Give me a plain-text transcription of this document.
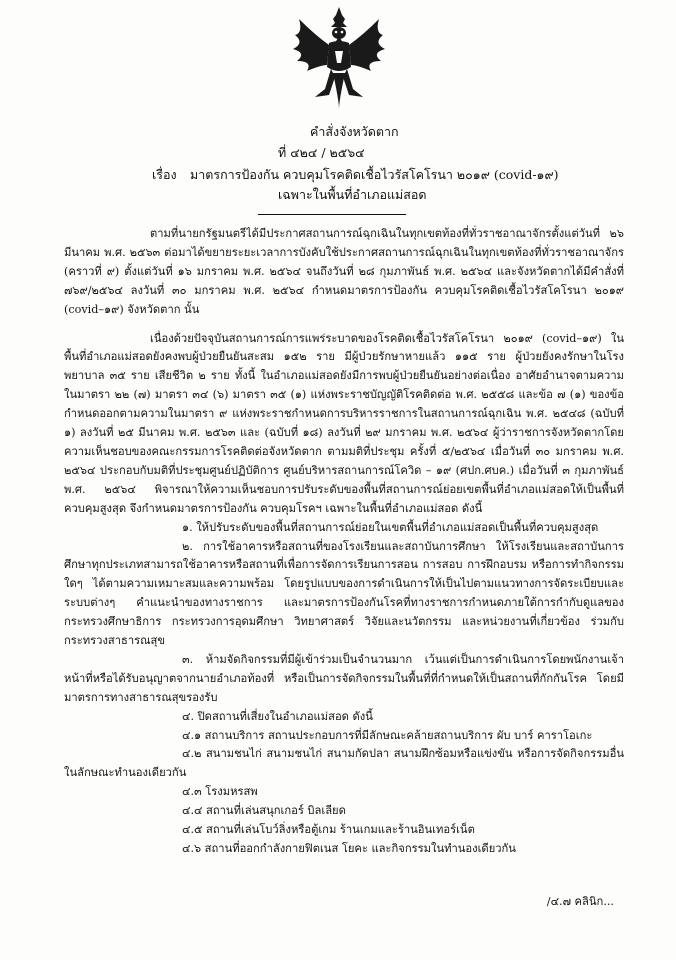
คำสั่งจังหวัดตาก
ที่ ๔๒๔ / ๒๕๖๔
เรื่อง มาตรการป้องกัน ควบคุมโรคติดเชื้อไวรัสโคโรนา ๒๐๑๙ (covid-๑๙)
เฉพาะในพื้นที่อำเภอแม่สอด

ตามที่นายกรัฐมนตรีได้มีประกาศสถานการณ์ฉุกเฉินในทุกเขตท้องที่ทั่วราชอาณาจักรตั้งแต่วันที่ ๒๖ มีนาคม พ.ศ. ๒๕๖๓ ต่อมาได้ขยายระยะเวลาการบังคับใช้ประกาศสถานการณ์ฉุกเฉินในทุกเขตท้องที่ทั่วราชอาณาจักร (คราวที่ ๙) ตั้งแต่วันที่ ๑๖ มกราคม พ.ศ. ๒๕๖๔ จนถึงวันที่ ๒๘ กุมภาพันธ์ พ.ศ. ๒๕๖๔ และจังหวัดตากได้มีคำสั่งที่ ๗๖๙/๒๕๖๔ ลงวันที่ ๓๐ มกราคม พ.ศ. ๒๕๖๔ กำหนดมาตรการป้องกัน ควบคุมโรคติดเชื้อไวรัสโคโรนา ๒๐๑๙ (covid–๑๙) จังหวัดตาก นั้น

เนื่องด้วยปัจจุบันสถานการณ์การแพร่ระบาดของโรคติดเชื้อไวรัสโคโรนา ๒๐๑๙ (covid–๑๙) ในพื้นที่อำเภอแม่สอดยังคงพบผู้ป่วยยืนยันสะสม ๑๕๒ ราย มีผู้ป่วยรักษาหายแล้ว ๑๑๕ ราย ผู้ป่วยยังคงรักษาในโรงพยาบาล ๓๕ ราย เสียชีวิต ๒ ราย ทั้งนี้ ในอำเภอแม่สอดยังมีการพบผู้ป่วยยืนยันอย่างต่อเนื่อง อาศัยอำนาจตามความในมาตรา ๒๒ (๗) มาตรา ๓๔ (๖) มาตรา ๓๕ (๑) แห่งพระราชบัญญัติโรคติดต่อ พ.ศ. ๒๕๕๘ และข้อ ๗ (๑) ของข้อกำหนดออกตามความในมาตรา ๙ แห่งพระราชกำหนดการบริหารราชการในสถานการณ์ฉุกเฉิน พ.ศ. ๒๕๔๘ (ฉบับที่ ๑) ลงวันที่ ๒๕ มีนาคม พ.ศ. ๒๕๖๓ และ (ฉบับที่ ๑๘) ลงวันที่ ๒๙ มกราคม พ.ศ. ๒๕๖๔ ผู้ว่าราชการจังหวัดตากโดยความเห็นชอบของคณะกรรมการโรคติดต่อจังหวัดตาก ตามมติที่ประชุม ครั้งที่ ๕/๒๕๖๔ เมื่อวันที่ ๓๐ มกราคม พ.ศ. ๒๕๖๔ ประกอบกับมติที่ประชุมศูนย์ปฏิบัติการ ศูนย์บริหารสถานการณ์โควิด – ๑๙ (ศปก.ศบค.) เมื่อวันที่ ๓ กุมภาพันธ์ พ.ศ. ๒๕๖๔ พิจารณาให้ความเห็นชอบการปรับระดับของพื้นที่สถานการณ์ย่อยเขตพื้นที่อำเภอแม่สอดให้เป็นพื้นที่ควบคุมสูงสุด จึงกำหนดมาตรการป้องกัน ควบคุมโรคฯ เฉพาะในพื้นที่อำเภอแม่สอด ดังนี้

๑. ให้ปรับระดับของพื้นที่สถานการณ์ย่อยในเขตพื้นที่อำเภอแม่สอดเป็นพื้นที่ควบคุมสูงสุด

๒. การใช้อาคารหรือสถานที่ของโรงเรียนและสถาบันการศึกษา ให้โรงเรียนและสถาบันการศึกษาทุกประเภทสามารถใช้อาคารหรือสถานที่เพื่อการจัดการเรียนการสอน การสอบ การฝึกอบรม หรือการทำกิจกรรมใดๆ ได้ตามความเหมาะสมและความพร้อม โดยรูปแบบของการดำเนินการให้เป็นไปตามแนวทางการจัดระเบียบและระบบต่างๆ คำแนะนำของทางราชการ และมาตรการป้องกันโรคที่ทางราชการกำหนดภายใต้การกำกับดูแลของกระทรวงศึกษาธิการ กระทรวงการอุดมศึกษา วิทยาศาสตร์ วิจัยและนวัตกรรม และหน่วยงานที่เกี่ยวข้อง ร่วมกับกระทรวงสาธารณสุข

๓. ห้ามจัดกิจกรรมที่มีผู้เข้าร่วมเป็นจำนวนมาก เว้นแต่เป็นการดำเนินการโดยพนักงานเจ้าหน้าที่หรือได้รับอนุญาตจากนายอำเภอท้องที่ หรือเป็นการจัดกิจกรรมในพื้นที่ที่กำหนดให้เป็นสถานที่กักกันโรค โดยมีมาตรการทางสาธารณสุขรองรับ

๔. ปิดสถานที่เสี่ยงในอำเภอแม่สอด ดังนี้

๔.๑ สถานบริการ สถานประกอบการที่มีลักษณะคล้ายสถานบริการ ผับ บาร์ คาราโอเกะ

๔.๒ สนามชนไก่ สนามชนไก่ สนามกัดปลา สนามฝึกซ้อมหรือแข่งขัน หรือการจัดกิจกรรมอื่นในลักษณะทำนองเดียวกัน

๔.๓ โรงมหรสพ

๔.๔ สถานที่เล่นสนุกเกอร์ บิลเลียด

๔.๕ สถานที่เล่นโบว์ลิ่งหรือตู้เกม ร้านเกมและร้านอินเทอร์เน็ต

๔.๖ สถานที่ออกกำลังกายฟิตเนส โยคะ และกิจกรรมในทำนองเดียวกัน

/๔.๗ คลินิก...
